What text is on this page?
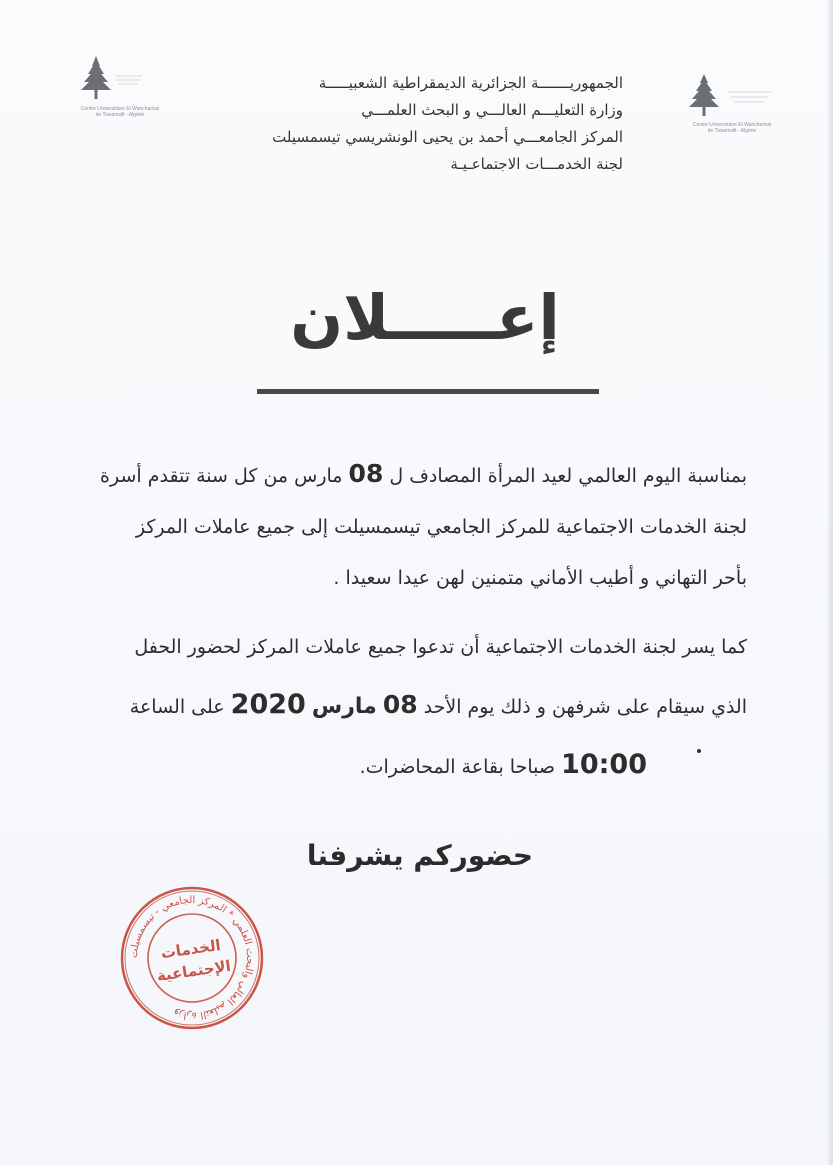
Centre Universitaire El Wancharissi
de Tissemsilt - Algérie
Centre Universitaire El Wancharissi
de Tissemsilt - Algérie
الجمهوريـــــــة الجزائرية الديمقراطية الشعبيـــــة
وزارة التعليـــم العالـــي و البحث العلمـــي
المركز الجامعـــي أحمد بن يحيى الونشريسي تيسمسيلت
لجنة الخدمـــات الاجتماعـيـة
إعـــــلان
بمناسبة اليوم العالمي لعيد المرأة المصادف ل 08 مارس من كل سنة تتقدم أسرة
لجنة الخدمات الاجتماعية للمركز الجامعي تيسمسيلت إلى جميع عاملات المركز
بأحر التهاني و أطيب الأماني متمنين لهن عيدا سعيدا .
كما يسر لجنة الخدمات الاجتماعية أن تدعوا جميع عاملات المركز لحضور الحفل
الذي سيقام على شرفهن و ذلك يوم الأحد 08 مارس 2020 على الساعة
10:00 صباحا بقاعة المحاضرات.
حضوركم يشرفنا
وزارة التعليم العالي والبحث العلمي * المركز الجامعي - تيسمسيلت
الخدمات
الإجتماعية
